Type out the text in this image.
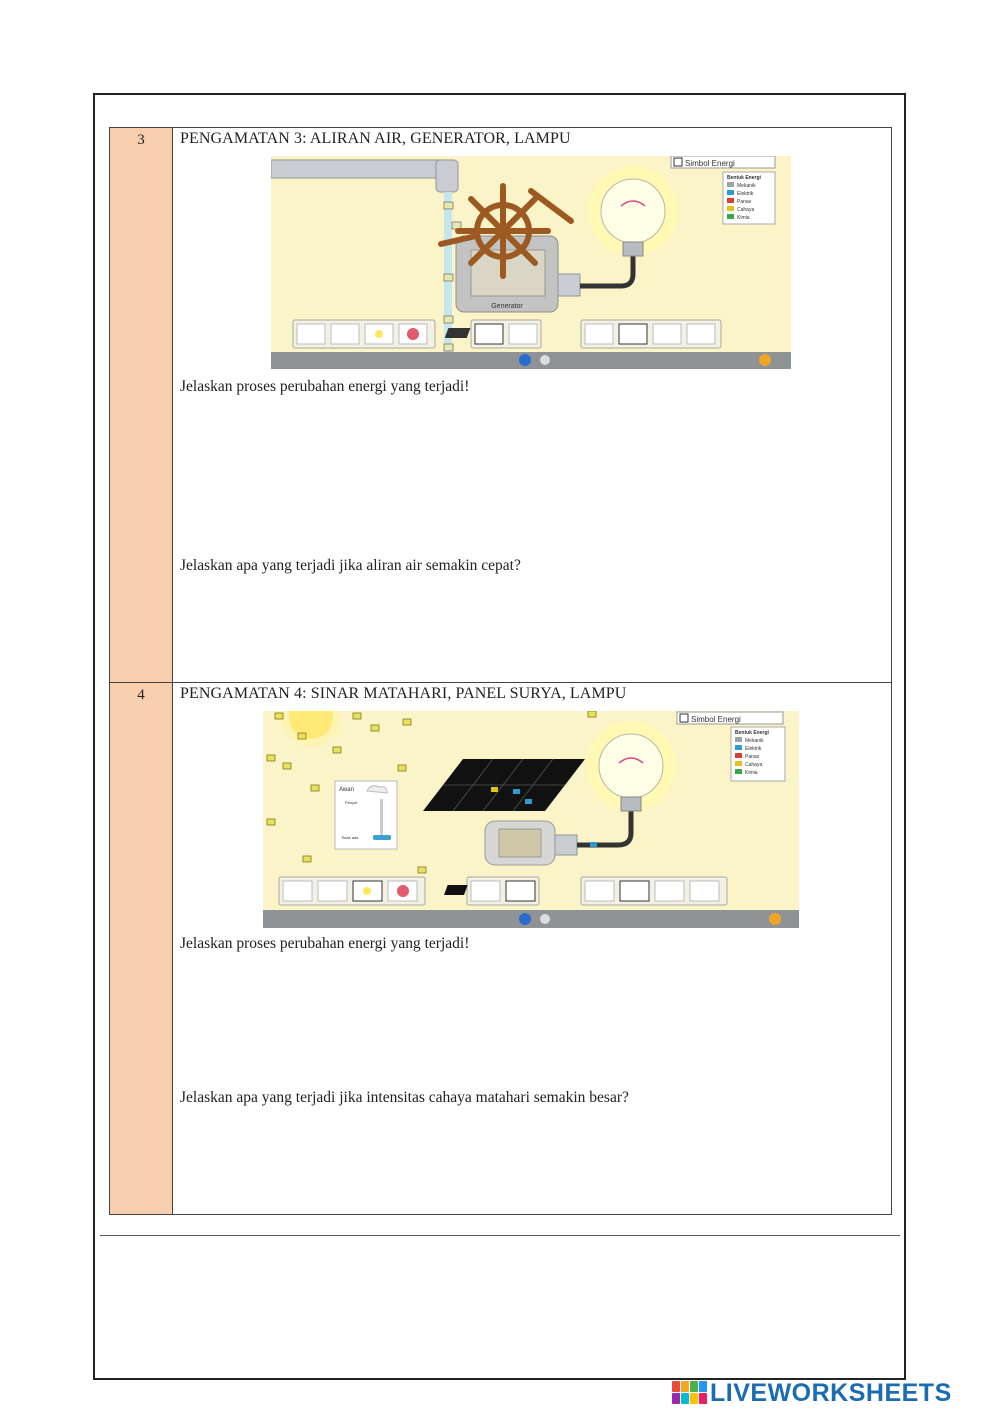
3	PENGAMATAN 3: ALIRAN AIR, GENERATOR, LAMPU
Generator
Simbol Energi
Bentuk Energi
Mekanik
Elektrik
Panas
Cahaya
Kimia
Jelaskan proses perubahan energi yang terjadi!
Jelaskan apa yang terjadi jika aliran air semakin cepat?
4	PENGAMATAN 4: SINAR MATAHARI, PANEL SURYA, LAMPU
Awan
Penyel
Tidak ada
Simbol Energi
Bentuk Energi
Mekanik
Elektrik
Panas
Cahaya
Kimia
Jelaskan proses perubahan energi yang terjadi!
Jelaskan apa yang terjadi jika intensitas cahaya matahari semakin besar?
LIVEWORKSHEETS
